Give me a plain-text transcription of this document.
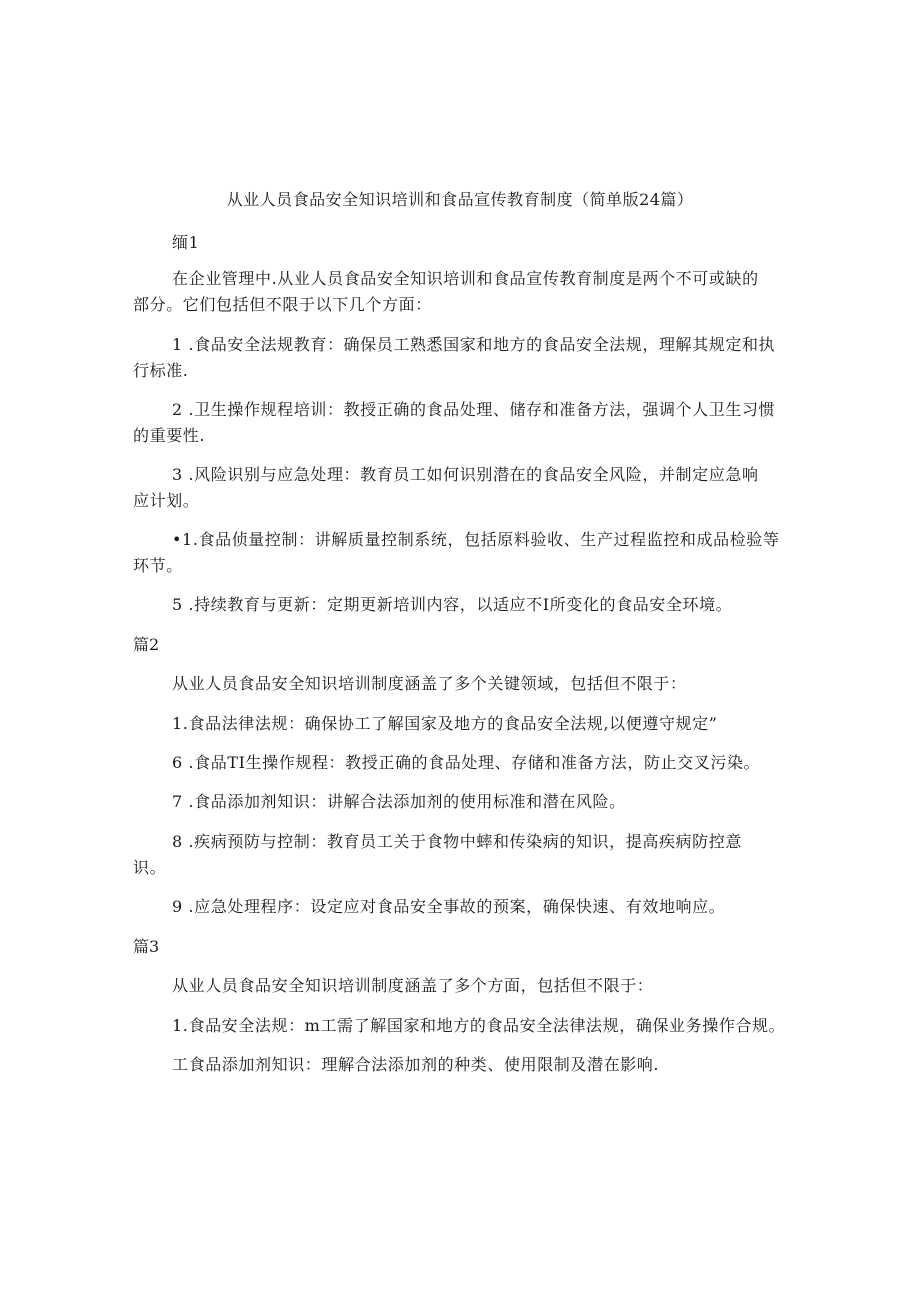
从业人员食品安全知识培训和食品宣传教育制度（简单版24篇）
缅1
在企业管理中.从业人员食品安全知识培训和食品宣传教育制度是两个不可或缺的
部分。它们包括但不限于以下几个方面：
1 .食品安全法规教育：确保员工熟悉国家和地方的食品安全法规，理解其规定和执
行标准.
2 .卫生操作规程培训：教授正确的食品处理、储存和准备方法，强调个人卫生习惯
的重要性.
3 .风险识别与应急处理：教育员工如何识别潜在的食品安全风险，并制定应急响
应计划。
•1.食品侦量控制：讲解质量控制系统，包括原料验收、生产过程监控和成品检验等
环节。
5 .持续教育与更新：定期更新培训内容，以适应不I所变化的食品安全环境。
篇2
从业人员食品安全知识培训制度涵盖了多个关键领域，包括但不限于：
1.食品法律法规：确保协工了解国家及地方的食品安全法规,以便遵守规定”
6 .食品TI生操作规程：教授正确的食品处理、存储和准备方法，防止交叉污染。
7 .食品添加剂知识：讲解合法添加剂的使用标准和潜在风险。
8 .疾病预防与控制：教育员工关于食物中蟀和传染病的知识，提高疾病防控意
识。
9 .应急处理程序：设定应对食品安全事故的预案，确保快速、有效地响应。
篇3
从业人员食品安全知识培训制度涵盖了多个方面，包括但不限于：
1.食品安全法规：m工需了解国家和地方的食品安全法律法规，确保业务操作合规。
工食品添加剂知识：理解合法添加剂的种类、使用限制及潜在影响.
